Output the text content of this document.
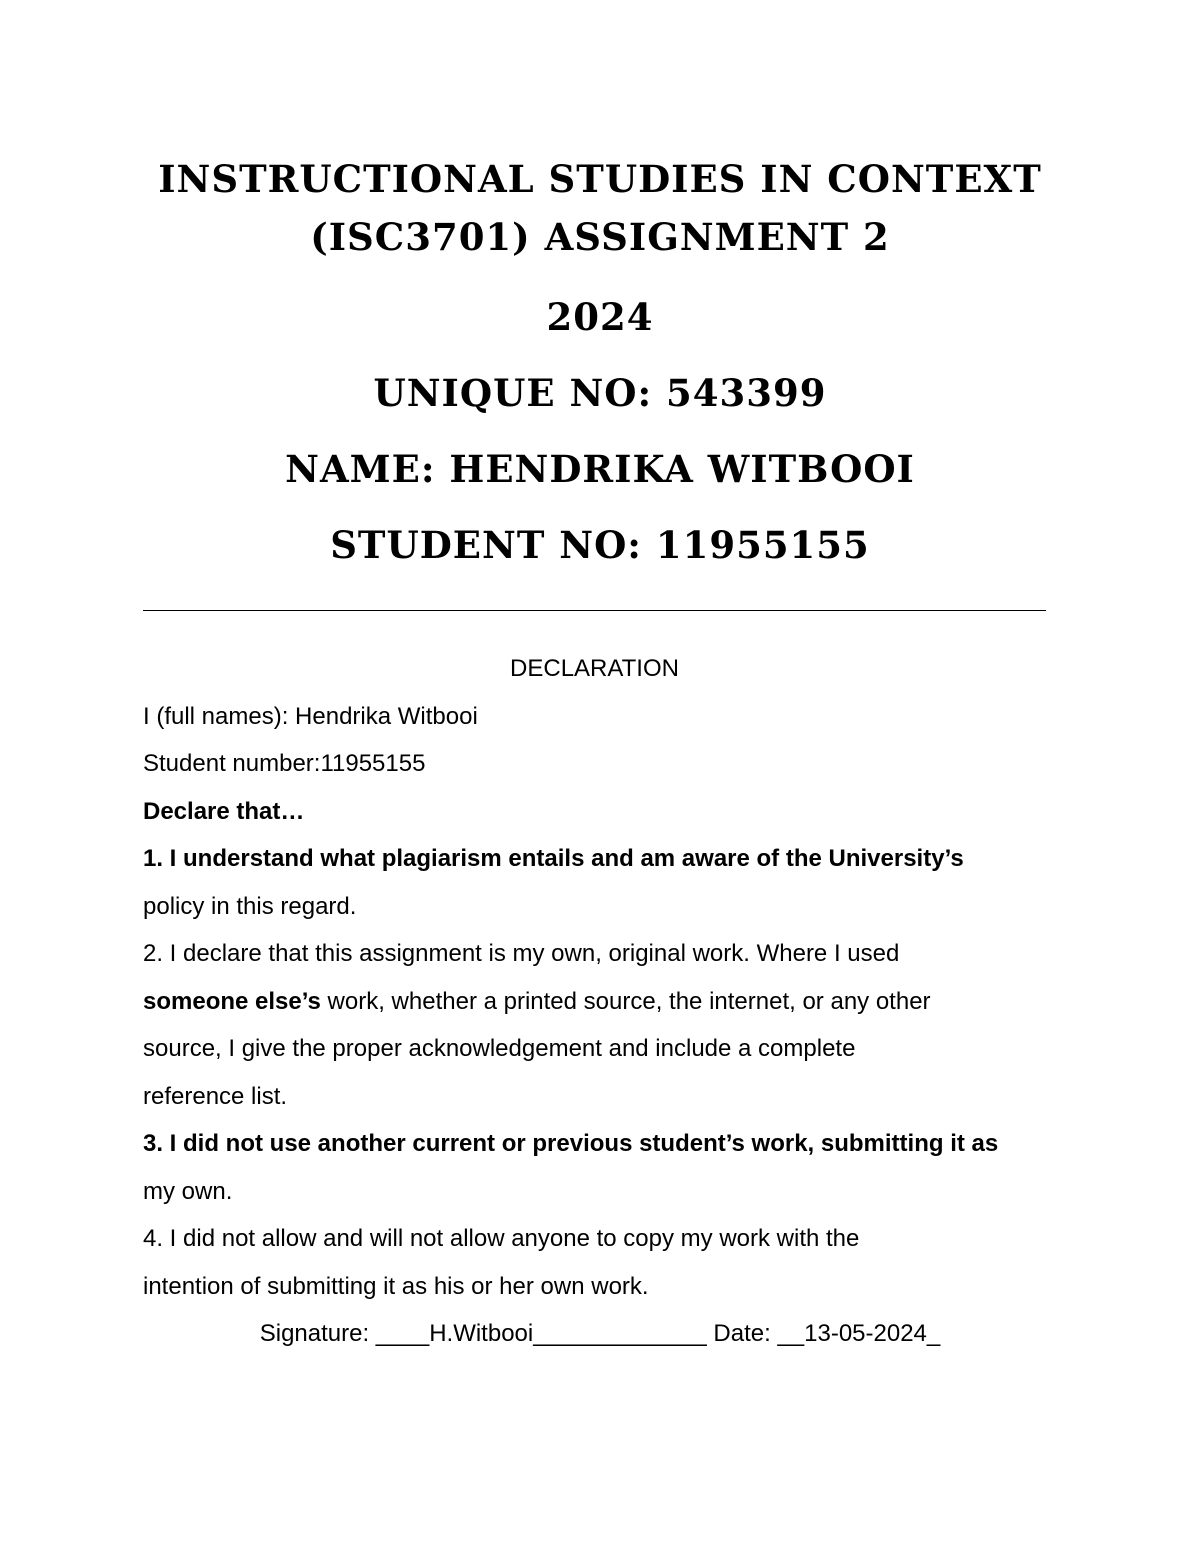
INSTRUCTIONAL STUDIES IN CONTEXT
(ISC3701) ASSIGNMENT 2
2024
UNIQUE NO: 543399
NAME: HENDRIKA WITBOOI
STUDENT NO: 11955155

DECLARATION

I (full names): Hendrika Witbooi

Student number:11955155

Declare that…

1. I understand what plagiarism entails and am aware of the University’s

policy in this regard.

2. I declare that this assignment is my own, original work. Where I used

someone else’s work, whether a printed source, the internet, or any other

source, I give the proper acknowledgement and include a complete

reference list.

3. I did not use another current or previous student’s work, submitting it as

my own.

4. I did not allow and will not allow anyone to copy my work with the

intention of submitting it as his or her own work.

Signature: ____H.Witbooi_____________ Date: __13-05-2024_
